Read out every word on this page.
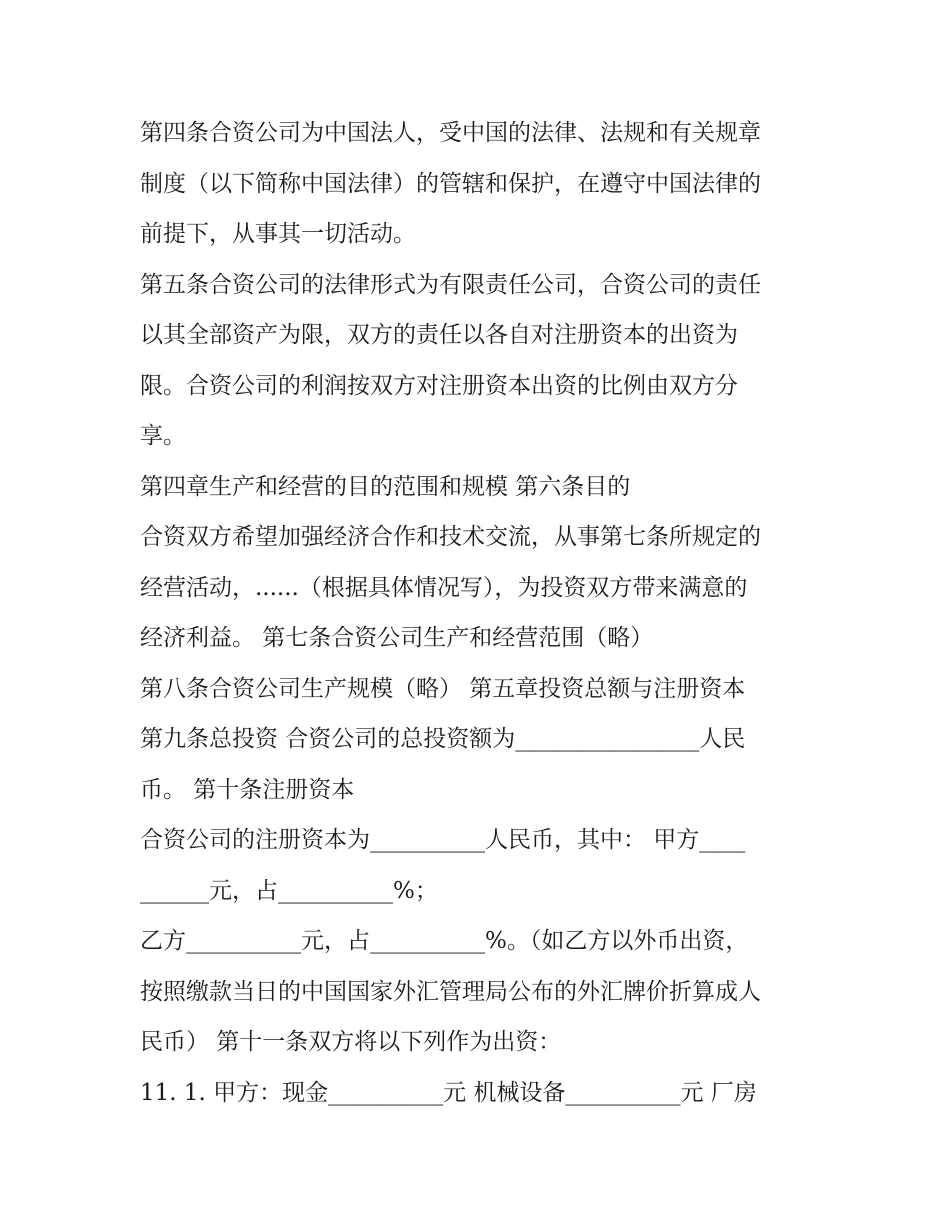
第四条合资公司为中国法人，受中国的法律、法规和有关规章
制度（以下简称中国法律）的管辖和保护，在遵守中国法律的
前提下，从事其一切活动。
第五条合资公司的法律形式为有限责任公司，合资公司的责任
以其全部资产为限，双方的责任以各自对注册资本的出资为
限。合资公司的利润按双方对注册资本出资的比例由双方分
享。
第四章生产和经营的目的范围和规模 第六条目的
合资双方希望加强经济合作和技术交流，从事第七条所规定的
经营活动，......（根据具体情况写），为投资双方带来满意的
经济利益。 第七条合资公司生产和经营范围（略）
第八条合资公司生产规模（略） 第五章投资总额与注册资本
第九条总投资 合资公司的总投资额为________________人民
币。 第十条注册资本
合资公司的注册资本为__________人民币，其中： 甲方____
______元，占__________%；
乙方__________元，占__________%。（如乙方以外币出资，
按照缴款当日的中国国家外汇管理局公布的外汇牌价折算成人
民币） 第十一条双方将以下列作为出资：
11. 1. 甲方：现金__________元 机械设备__________元 厂房
